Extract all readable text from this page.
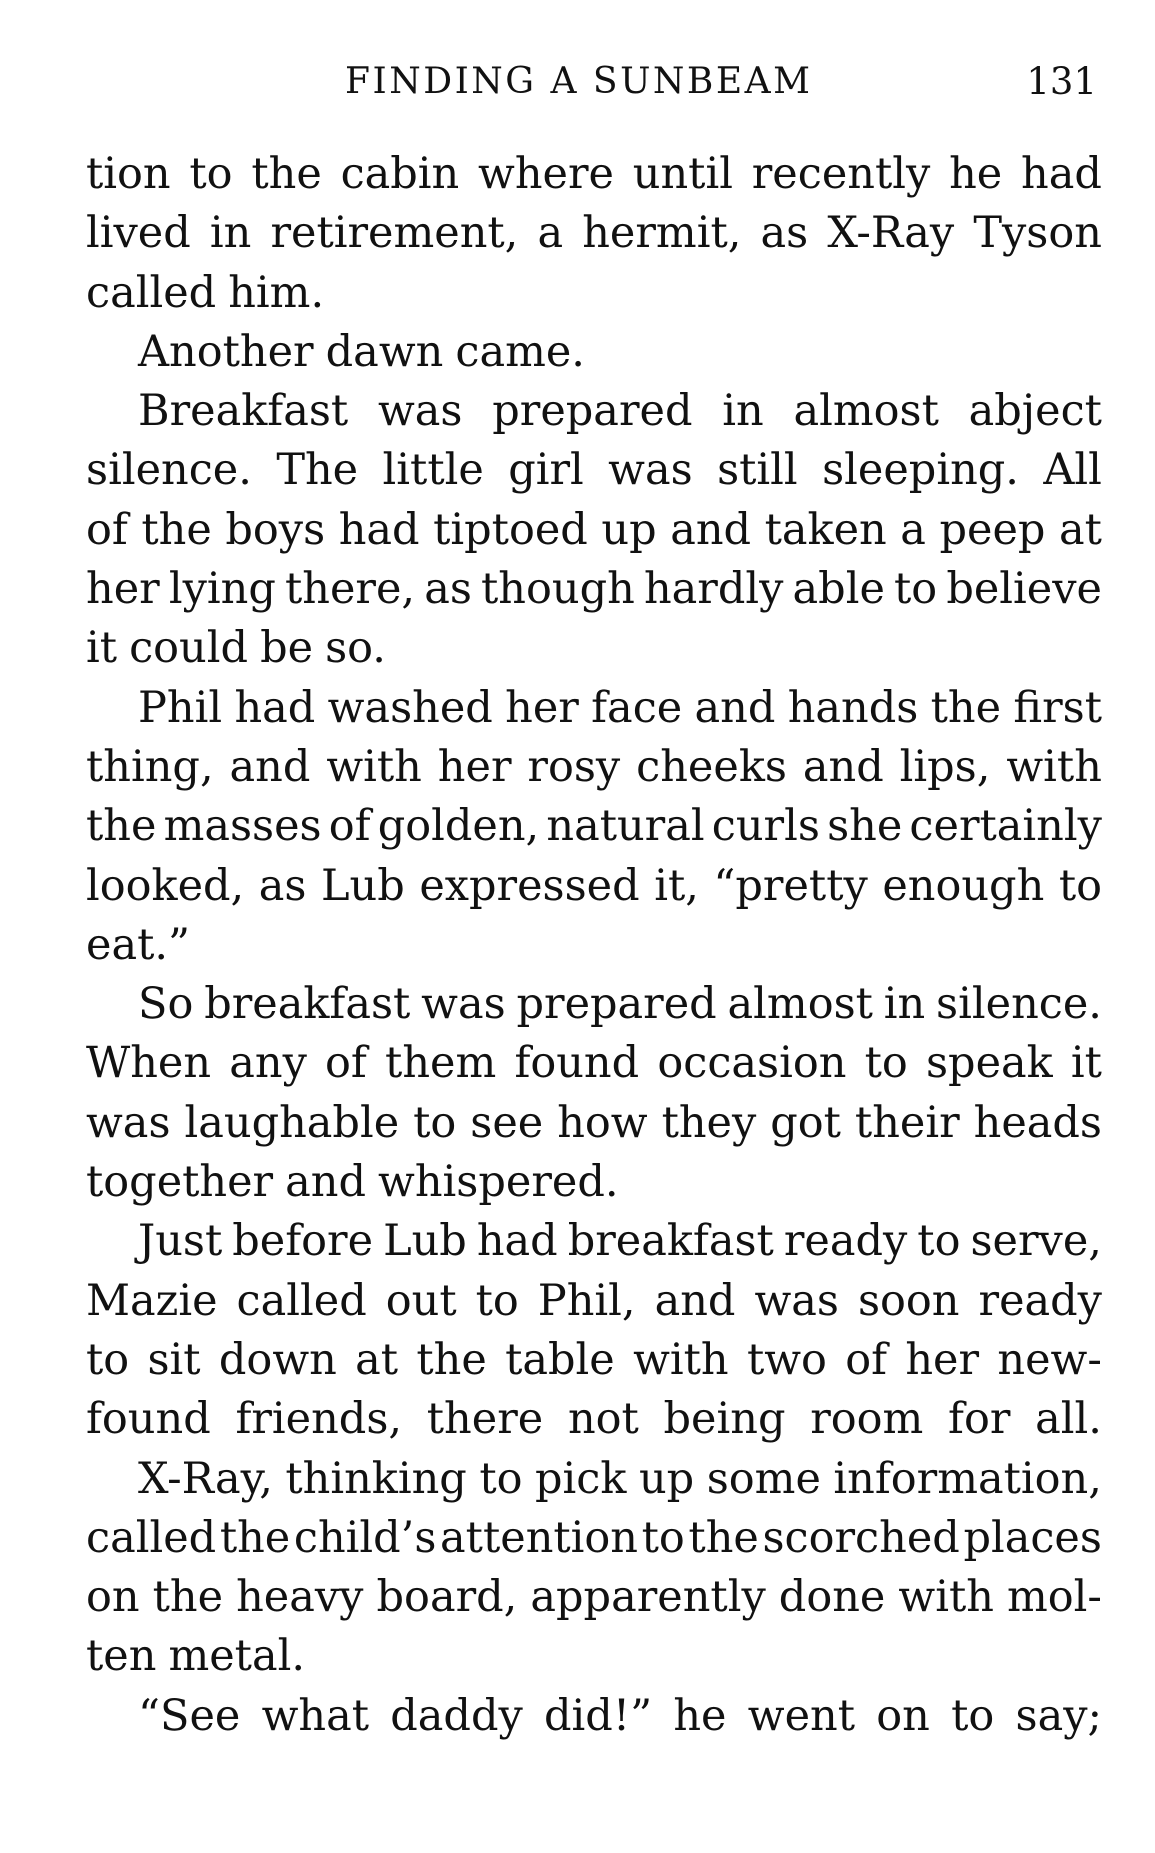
FINDING A SUNBEAM	131
tion to the cabin where until recently he had
lived in retirement, a hermit, as X-Ray Tyson
called him.
Another dawn came.
Breakfast was prepared in almost abject
silence. The little girl was still sleeping. All
of the boys had tiptoed up and taken a peep at
her lying there, as though hardly able to believe
it could be so.
Phil had washed her face and hands the first
thing, and with her rosy cheeks and lips, with
the masses of golden, natural curls she certainly
looked, as Lub expressed it, “pretty enough to
eat.”
So breakfast was prepared almost in silence.
When any of them found occasion to speak it
was laughable to see how they got their heads
together and whispered.
Just before Lub had breakfast ready to serve,
Mazie called out to Phil, and was soon ready
to sit down at the table with two of her new-
found friends, there not being room for all.
X-Ray, thinking to pick up some information,
called the child’s attention to the scorched places
on the heavy board, apparently done with mol-
ten metal.
“See what daddy did!” he went on to say;
